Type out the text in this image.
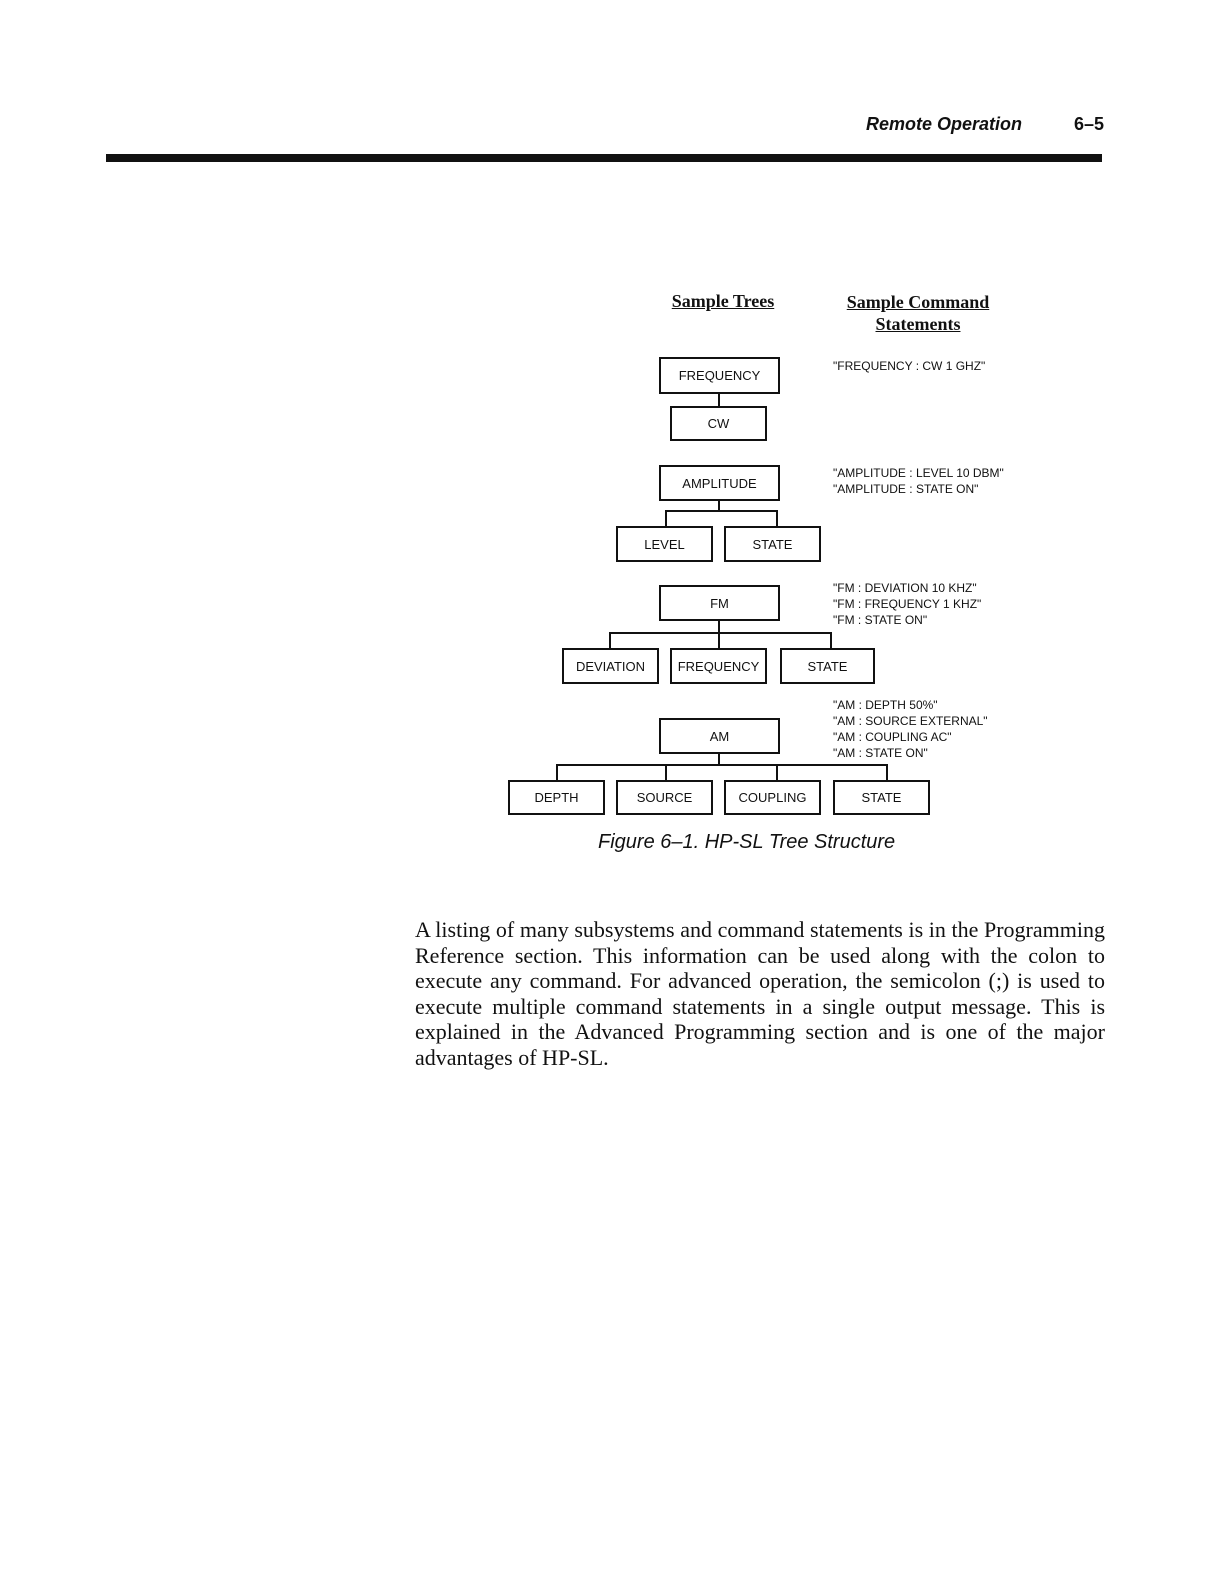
Remote Operation	6–5
Sample Trees	Sample Command
Statements
FREQUENCY
CW
"FREQUENCY : CW 1 GHZ"
AMPLITUDE
LEVEL	STATE
"AMPLITUDE : LEVEL 10 DBM"
"AMPLITUDE : STATE ON"
FM
DEVIATION	FREQUENCY	STATE
"FM : DEVIATION 10 KHZ"
"FM : FREQUENCY 1 KHZ"
"FM : STATE ON"
AM
DEPTH	SOURCE	COUPLING	STATE
"AM : DEPTH 50%"
"AM : SOURCE EXTERNAL"
"AM : COUPLING AC"
"AM : STATE ON"
Figure 6–1. HP-SL Tree Structure
A listing of many subsystems and command statements is in the Programming Reference section. This information can be used along with the colon to execute any command. For advanced operation, the semicolon (;) is used to execute multiple command statements in a single output message. This is explained in the Advanced Programming section and is one of the major advantages of HP-SL.
